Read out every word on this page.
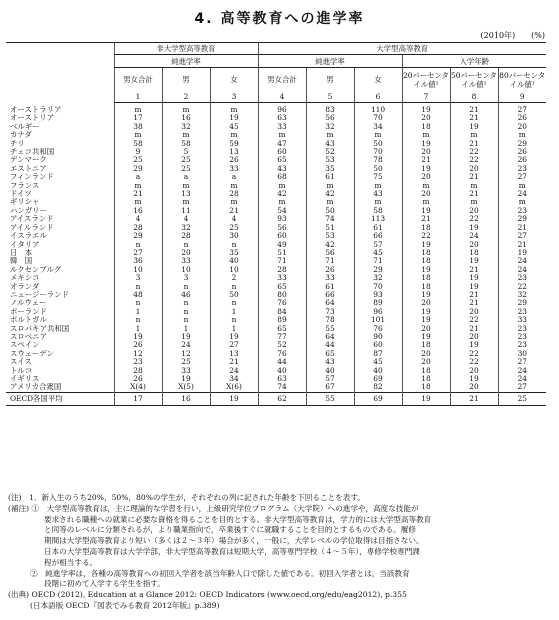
4. 高等教育への進学率
(2010年)　　(%)
	非大学型高等教育			大学型高等教育					
	純進学率			純進学率			入学年齢		
	男女合計	男	女	男女合計	男	女	20パーセンタイル値¹	50パーセンタイル値¹	80パーセンタイル値¹
	1	2	3	4	5	6	7	8	9
オーストラリア	m	m	m	96	83	110	19	21	27
オーストリア	17	16	19	63	56	70	20	21	26
ベルギー	38	32	45	33	32	34	18	19	20
カナダ	m	m	m	m	m	m	m	m	m
チリ	58	58	59	47	43	50	19	21	29
チェコ共和国	9	5	13	60	52	70	20	22	26
デンマーク	25	25	26	65	53	78	21	22	26
エストニア	29	25	33	43	35	50	19	20	23
フィンランド	a	a	a	68	61	75	20	21	27
フランス	m	m	m	m	m	m	m	m	m
ドイツ	21	13	28	42	42	43	20	21	24
ギリシャ	m	m	m	m	m	m	m	m	m
ハンガリー	16	11	21	54	50	58	19	20	23
アイスランド	4	4	4	93	74	113	21	22	29
アイルランド	28	32	25	56	51	61	18	19	21
イスラエル	29	28	30	60	53	66	22	24	27
イタリア	n	n	n	49	42	57	19	20	21
日　本	27	20	35	51	56	45	18	18	19
韓　国	36	33	40	71	71	71	18	19	24
ルクセンブルグ	10	10	10	28	26	29	19	21	24
メキシコ	3	3	2	33	33	32	18	19	23
オランダ	n	n	n	65	61	70	18	19	22
ニュージーランド	48	46	50	80	66	93	19	21	32
ノルウェー	n	n	n	76	64	89	20	21	29
ポーランド	1	n	1	84	73	96	19	20	23
ポルトガル	n	n	n	89	78	101	19	22	33
スロバキア共和国	1	1	1	65	55	76	20	21	23
スロベニア	19	19	19	77	64	90	19	20	23
スペイン	26	24	27	52	44	60	18	19	23
スウェーデン	12	12	13	76	65	87	20	22	30
スイス	23	25	21	44	43	45	20	22	27
トルコ	28	33	24	40	40	40	18	20	24
イギリス	26	19	34	63	57	69	18	19	24
アメリカ合衆国	X(4)	X(5)	X(6)	74	67	82	18	20	27
OECD各国平均	17	16	19	62	55	69	19	21	25
(注)　1．新入生のうち20%，50%，80%の学生が，それぞれの列に記された年齢を下回ることを表す。
(補注) ①　大学型高等教育は，主に理論的な学習を行い，上級研究学位プログラム（大学院）への進学や，高度な技能が
要求される職種への就業に必要な資格を得ることを目的とする。非大学型高等教育は，学力的には大学型高等教育
と同等のレベルに分類されるが，より職業指向で，卒業後すぐに就職することを目的とするものである。履修
期間は大学型高等教育より短い（多くは２～３年）場合が多く，一般に，大学レベルの学位取得は目指さない。
日本の大学型高等教育は大学学部，非大学型高等教育は短期大学，高等専門学校（４～５年），専修学校専門課
程が相当する。
②　純進学率は，各種の高等教育への初回入学者を該当年齢人口で除した値である。初回入学者とは，当該教育
段階に初めて入学する学生を指す。
(出典) OECD (2012), Education at a Glance 2012: OECD Indicators (www.oecd.org/edu/eag2012), p.355
(日本語版 OECD『図表でみる教育 2012年版』p.389)
